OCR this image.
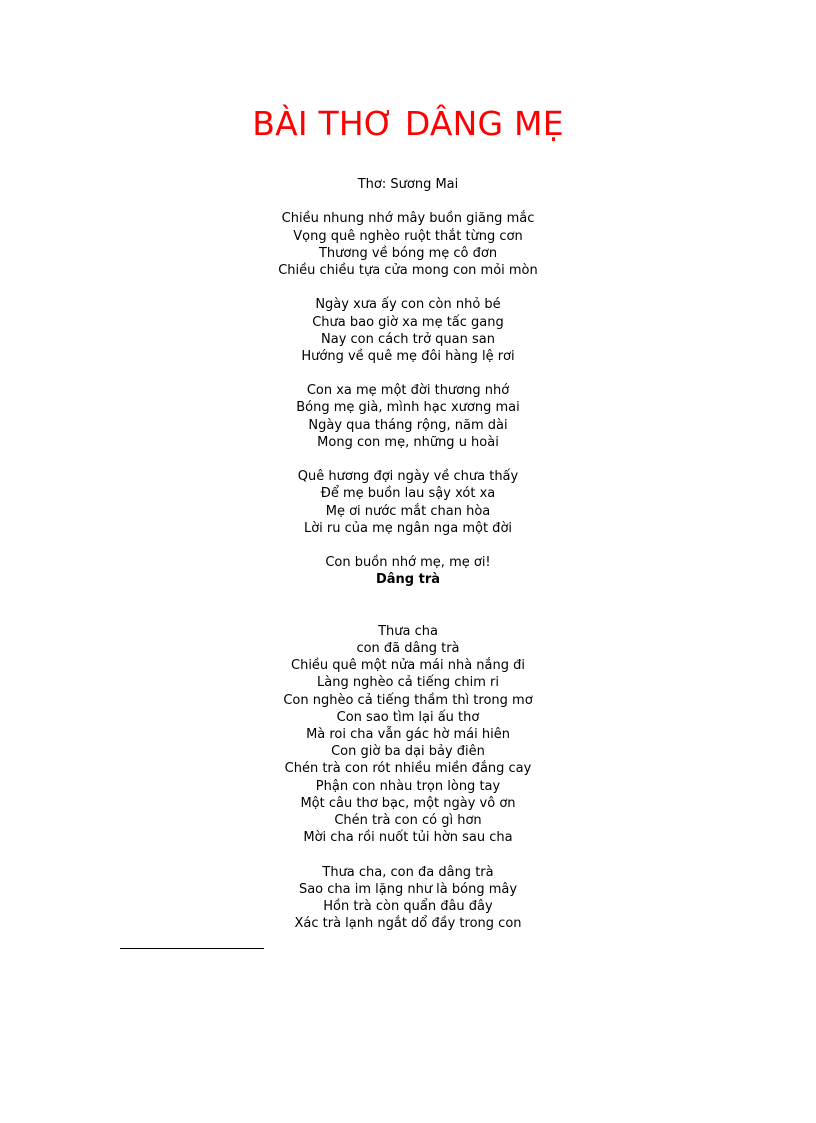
BÀI THƠ DÂNG MẸ
Thơ: Sương Mai
Chiều nhung nhớ mây buồn giăng mắc
Vọng quê nghèo ruột thắt từng cơn
Thương về bóng mẹ cô đơn
Chiều chiều tựa cửa mong con mỏi mòn
Ngày xưa ấy con còn nhỏ bé
Chưa bao giờ xa mẹ tấc gang
Nay con cách trở quan san
Hướng về quê mẹ đôi hàng lệ rơi
Con xa mẹ một đời thương nhớ
Bóng mẹ già, mình hạc xương mai
Ngày qua tháng rộng, năm dài
Mong con mẹ, những u hoài
Quê hương đợi ngày về chưa thấy
Để mẹ buồn lau sậy xót xa
Mẹ ơi nước mắt chan hòa
Lời ru của mẹ ngân nga một đời
Con buồn nhớ mẹ, mẹ ơi!
Dâng trà
Thưa cha
con đã dâng trà
Chiều quê một nửa mái nhà nắng đi
Làng nghèo cả tiếng chim ri
Con nghèo cả tiếng thầm thì trong mơ
Con sao tìm lại ấu thơ
Mà roi cha vẫn gác hờ mái hiên
Con giờ ba dại bảy điên
Chén trà con rót nhiều miền đắng cay
Phận con nhàu trọn lòng tay
Một câu thơ bạc, một ngày vô ơn
Chén trà con có gì hơn
Mời cha rồi nuốt tủi hờn sau cha
Thưa cha, con đa dâng trà
Sao cha im lặng như là bóng mây
Hồn trà còn quẩn đâu đây
Xác trà lạnh ngắt dổ đầy trong con
